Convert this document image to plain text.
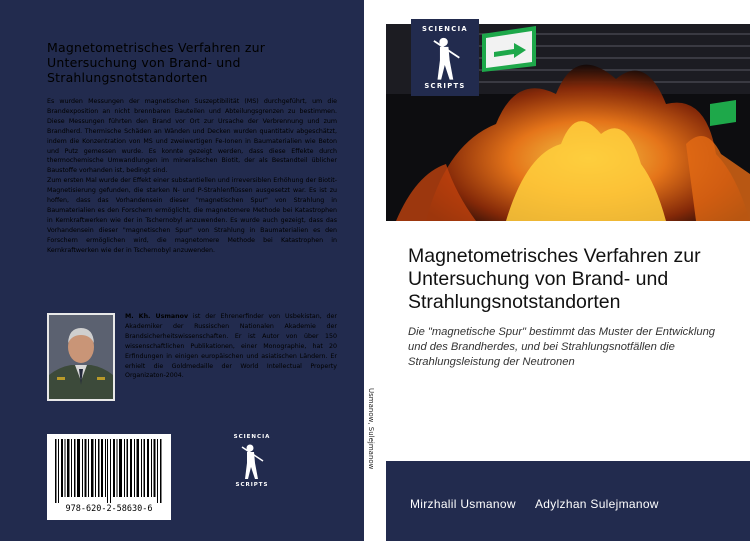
Magnetometrisches Verfahren zur Untersuchung von Brand- und Strahlungsnotstandorten

Es wurden Messungen der magnetischen Suszeptibilität (MS) durchgeführt, um die Brandexposition an nicht brennbaren Bauteilen und Abteilungsgrenzen zu bestimmen. Diese Messungen führten den Brand vor Ort zur Ursache der Verbrennung und zum Brandherd. Thermische Schäden an Wänden und Decken wurden quantitativ abgeschätzt, indem die Konzentration von MS und zweiwertigen Fe-Ionen in Baumaterialien wie Beton und Putz gemessen wurde. Es konnte gezeigt werden, dass diese Effekte durch thermochemische Umwandlungen im mineralischen Biotit, der als Bestandteil üblicher Baustoffe vorhanden ist, bedingt sind.

Zum ersten Mal wurde der Effekt einer substantiellen und irreversiblen Erhöhung der Biotit-Magnetisierung gefunden, die starken N- und P-Strahlenflüssen ausgesetzt war. Es ist zu hoffen, dass das Vorhandensein dieser "magnetischen Spur" von Strahlung in Baumaterialien es den Forschern ermöglicht, die magnetomere Methode bei Katastrophen in Kernkraftwerken wie der in Tschernobyl anzuwenden. Es wurde auch gezeigt, dass das Vorhandensein dieser "magnetischen Spur" von Strahlung in Baumaterialien es den Forschern ermöglichen wird, die magnetomere Methode bei Katastrophen in Kernkraftwerken wie der in Tschernobyl anzuwenden.

M. Kh. Usmanov ist der Ehrenerfinder von Usbekistan, der Akademiker der Russischen Nationalen Akademie der Brandsicherheitswissenschaften. Er ist Autor von über 150 wissenschaftlichen Publikationen, einer Monographie, hat 20 Erfindungen in einigen europäischen und asiatischen Ländern. Er erhielt die Goldmedaille der World Intellectual Property Organizaton-2004.
978-620-2-58630-6
SCIENCIA
SCRIPTS
Usmanow, Sulejmanow
SCIENCIA
SCRIPTS
Magnetometrisches Verfahren zur Untersuchung von Brand- und Strahlungsnotstandorten
Die "magnetische Spur" bestimmt das Muster der Entwicklung und des Brandherdes, und bei Strahlungsnotfällen die Strahlungsleistung der Neutronen
Mirzhalil Usmanow Adylzhan Sulejmanow
